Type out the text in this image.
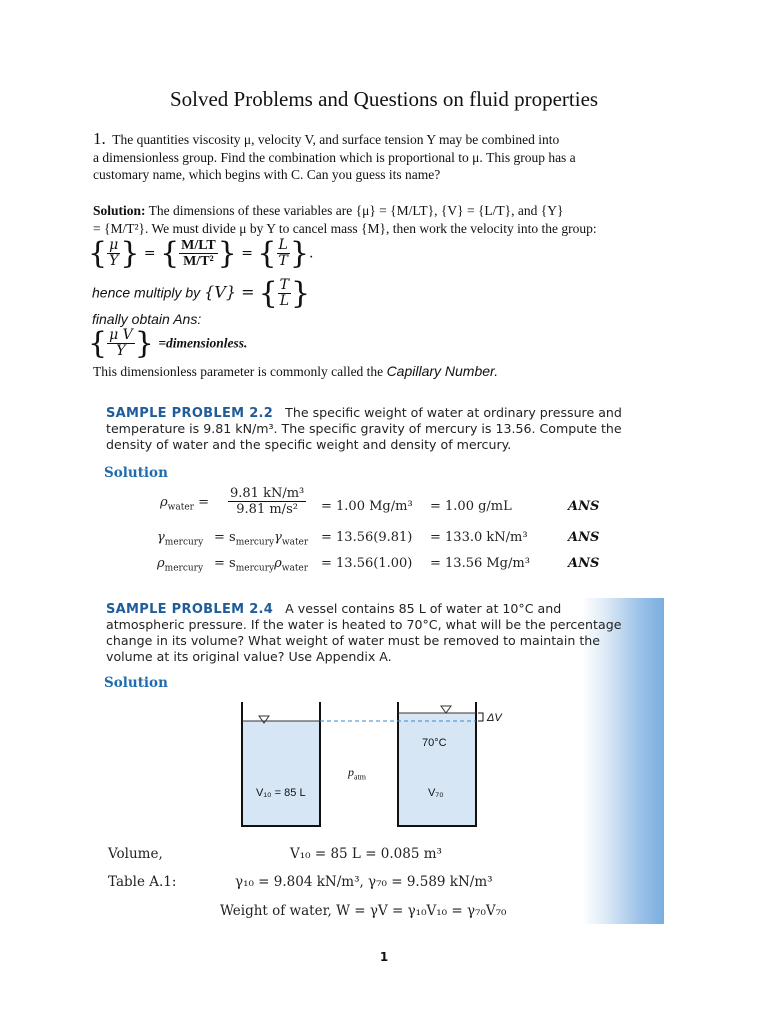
Solved Problems and Questions on fluid properties
1. The quantities viscosity μ, velocity V, and surface tension Y may be combined into
a dimensionless group. Find the combination which is proportional to μ. This group has a
customary name, which begins with C. Can you guess its name?
Solution: The dimensions of these variables are {μ} = {M/LT}, {V} = {L/T}, and {Y}
= {M/T²}. We must divide μ by Y to cancel mass {M}, then work the velocity into the group:
{ $\frac{\mu}{Y}$ } = { $\frac{M/LT}{\text{M/T²}}$ } = { $\frac{L}{T}$ }.
hence multiply by {V} = { $\frac{T}{L}$ }
finally obtain Ans:
{ $\frac{\text{μ V}}{Y}$ } =dimensionless.
This dimensionless parameter is commonly called the Capillary Number.
SAMPLE PROBLEM 2.2 The specific weight of water at ordinary pressure and
temperature is 9.81 kN/m³. The specific gravity of mercury is 13.56. Compute the
density of water and the specific weight and density of mercury.
Solution
$\rho_{water} = \frac{\text{9.81 kN/m³}}{\text{9.81 m/s²}} = 1.00$ Mg/m³ = 1.00 g/mL	ANS
$\gamma_{mercury} = s_{mercury}\gamma_{water} = 13.56(9.81) = 133.0$ kN/m³	ANS
$\rho_{mercury} = s_{mercury}\rho_{water} = 13.56(1.00) = 13.56$ Mg/m³	ANS
SAMPLE PROBLEM 2.4 A vessel contains 85 L of water at 10°C and
atmospheric pressure. If the water is heated to 70°C, what will be the percentage
change in its volume? What weight of water must be removed to maintain the
volume at its original value? Use Appendix A.
Solution
ΔV
70°C
V₁₀ = 85 L	V₇₀
$p_{atm}$
Volume,	V₁₀ = 85 L = 0.085 m³
Table A.1:	γ₁₀ = 9.804 kN/m³, γ₇₀ = 9.589 kN/m³
Weight of water, W = γV = γ₁₀V₁₀ = γ₇₀V₇₀
1
